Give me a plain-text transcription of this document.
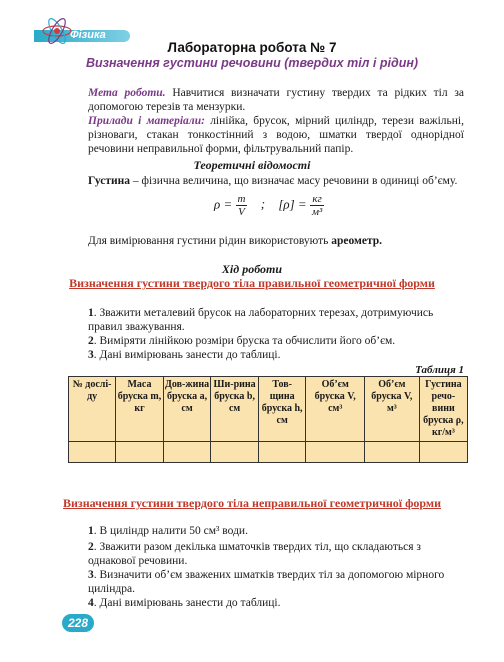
Фізика
Лабораторна робота № 7
Визначення густини речовини (твердих тіл і рідин)
Мета роботи. Навчитися визначати густину твердих та рідких тіл за допомогою терезів та мензурки.
Прилади і матеріали: лінійка, брусок, мірний циліндр, терези важільні, різноваги, стакан тонкостінний з водою, шматки твердої однорідної речовини неправильної форми, фільтрувальний папір.
Теоретичні відомості
Густина – фізична величина, що визначає масу речовини в одиниці об’єму.
$\rho = \frac{m}{V}$ ; $[\rho] = \frac{кг}{\text{м³}}$
Для вимірювання густини рідин використовують ареометр.
Хід роботи
Визначення густини твердого тіла правильної геометричної форми
1. Зважити металевий брусок на лабораторних терезах, дотримуючись правил зважування.
2. Виміряти лінійкою розміри бруска та обчислити його об’єм.
3. Дані вимірювань занести до таблиці.
Таблиця 1
№ дослі-ду	Маса бруска m, кг	Дов-жина бруска a, см	Ши-рина бруска b, см	Тов-щина бруска h, см	Об’єм бруска V, см³	Об’єм бруска V, м³	Густина речо-вини бруска ρ, кг/м³

Визначення густини твердого тіла неправильної геометричної форми
1. В циліндр налити 50 см³ води.
2. Зважити разом декілька шматочків твердих тіл, що складаються з однакової речовини.
3. Визначити об’єм зважених шматків твердих тіл за допомогою мірного циліндра.
4. Дані вимірювань занести до таблиці.
228
